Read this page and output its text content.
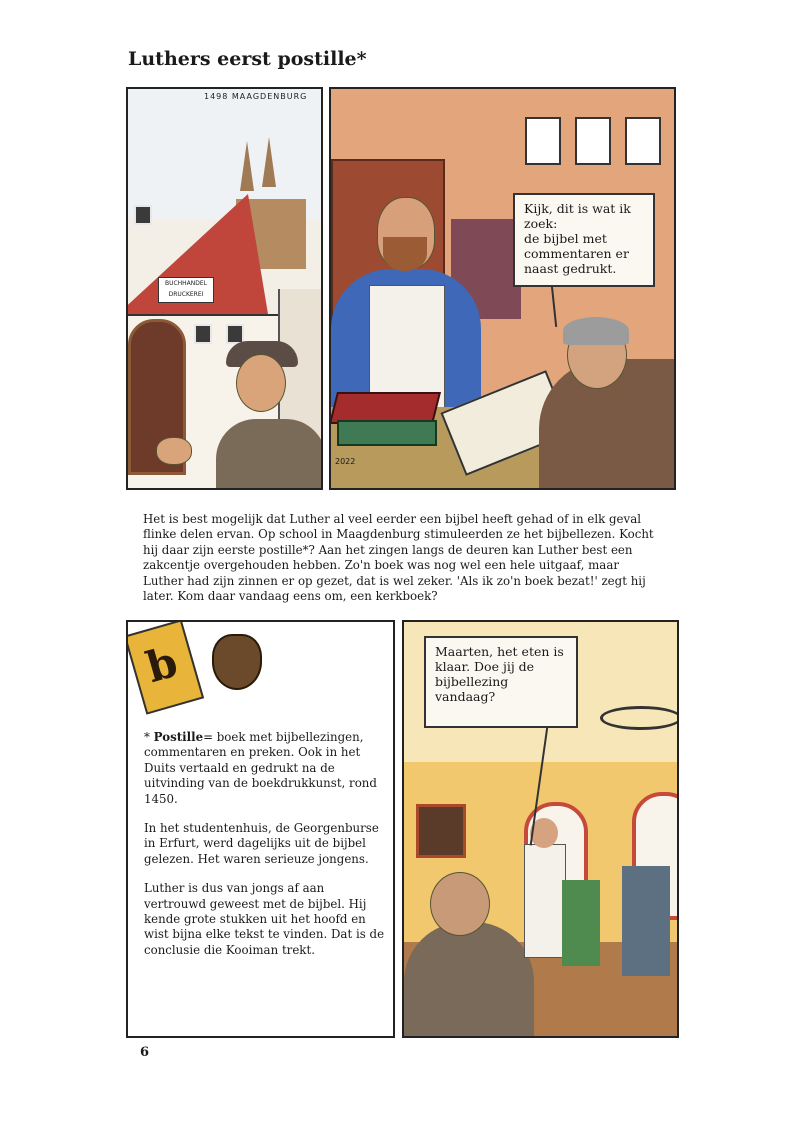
Luthers eerst postille*
BUCHHANDEL
DRUCKEREI
1498 MAAGDENBURG
2022
Kijk, dit is wat ik zoek:
de bijbel met commentaren er naast gedrukt.

Het is best mogelijk dat Luther al veel eerder een bijbel heeft gehad of in elk geval flinke delen ervan. Op school in Maagdenburg stimuleerden ze het bijbellezen. Kocht hij daar zijn eerste postille*? Aan het zingen langs de deuren kan Luther best een zakcentje overgehouden hebben. Zo'n boek was nog wel een hele uitgaaf, maar Luther had zijn zinnen er op gezet, dat is wel zeker. 'Als ik zo'n boek bezat!' zegt hij later. Kom daar vandaag eens om, een kerkboek?

b

* Postille= boek met bijbellezingen, commentaren en preken. Ook in het Duits vertaald en gedrukt na de uitvinding van de boekdrukkunst, rond 1450.

In het studentenhuis, de Georgenburse in Erfurt, werd dagelijks uit de bijbel gelezen. Het waren serieuze jongens.

Luther is dus van jongs af aan vertrouwd geweest met de bijbel. Hij kende grote stukken uit het hoofd en wist bijna elke tekst te vinden. Dat is de conclusie die Kooiman trekt.

Maarten, het eten is klaar. Doe jij de bijbellezing vandaag?

6
